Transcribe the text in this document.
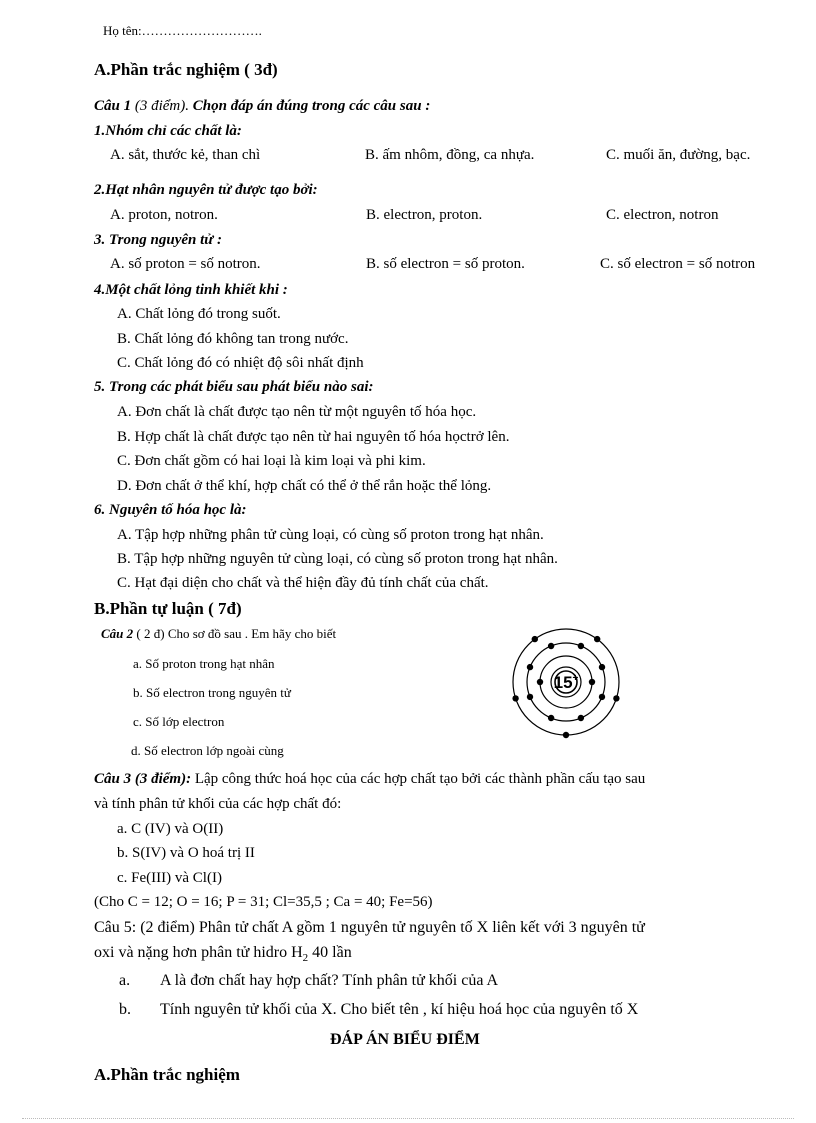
Họ tên:……………………….
A.Phần trắc nghiệm ( 3đ)
Câu 1 (3 điểm). Chọn đáp án đúng trong các câu sau :
1.Nhóm chỉ các chất là:
A. sắt, thước kẻ, than chì	B. ấm nhôm, đồng, ca nhựa.	C. muối ăn, đường, bạc.
2.Hạt nhân nguyên tử được tạo bởi:
A. proton, notron.	B. electron, proton.	C. electron, notron
3. Trong nguyên tử :
A. số proton = số notron.	B. số electron = số proton.	C. số electron = số notron
4.Một chất lỏng tinh khiết khi :
A. Chất lỏng đó trong suốt.
B. Chất lỏng đó không tan trong nước.
C. Chất lỏng đó có nhiệt độ sôi nhất định
5. Trong các phát biểu sau phát biểu nào sai:
A. Đơn chất là chất được tạo nên từ một nguyên tố hóa học.
B. Hợp chất là chất được tạo nên từ hai nguyên tố hóa họctrở lên.
C. Đơn chất gồm có hai loại là kim loại và phi kim.
D. Đơn chất ở thể khí, hợp chất có thể ở thể rắn hoặc thể lỏng.
6. Nguyên tố hóa học là:
A. Tập hợp những phân tử cùng loại, có cùng số proton trong hạt nhân.
B. Tập hợp những nguyên tử cùng loại, có cùng số proton trong hạt nhân.
C. Hạt đại diện cho chất và thể hiện đầy đủ tính chất của chất.
B.Phần tự luận ( 7đ)
Câu 2 ( 2 đ) Cho sơ đồ sau . Em hãy cho biết
a. Số proton trong hạt nhân
b. Số electron trong nguyên tử
c. Số lớp electron
d. Số electron lớp ngoài cùng
15+
Câu 3 (3 điểm): Lập công thức hoá học của các hợp chất tạo bởi các thành phần cấu tạo sau
và tính phân tử khối của các hợp chất đó:
a. C (IV) và O(II)
b. S(IV) và O hoá trị II
c. Fe(III) và Cl(I)
(Cho C = 12; O = 16; P = 31; Cl=35,5 ; Ca = 40; Fe=56)
Câu 5: (2 điểm) Phân tử chất A gồm 1 nguyên tử nguyên tố X liên kết với 3 nguyên tử
oxi và nặng hơn phân tử hidro $H_2$ 40 lần
a. A là đơn chất hay hợp chất? Tính phân tử khối của A
b. Tính nguyên tử khối của X. Cho biết tên , kí hiệu hoá học của nguyên tố X
ĐÁP ÁN BIỂU ĐIỂM
A.Phần trắc nghiệm
